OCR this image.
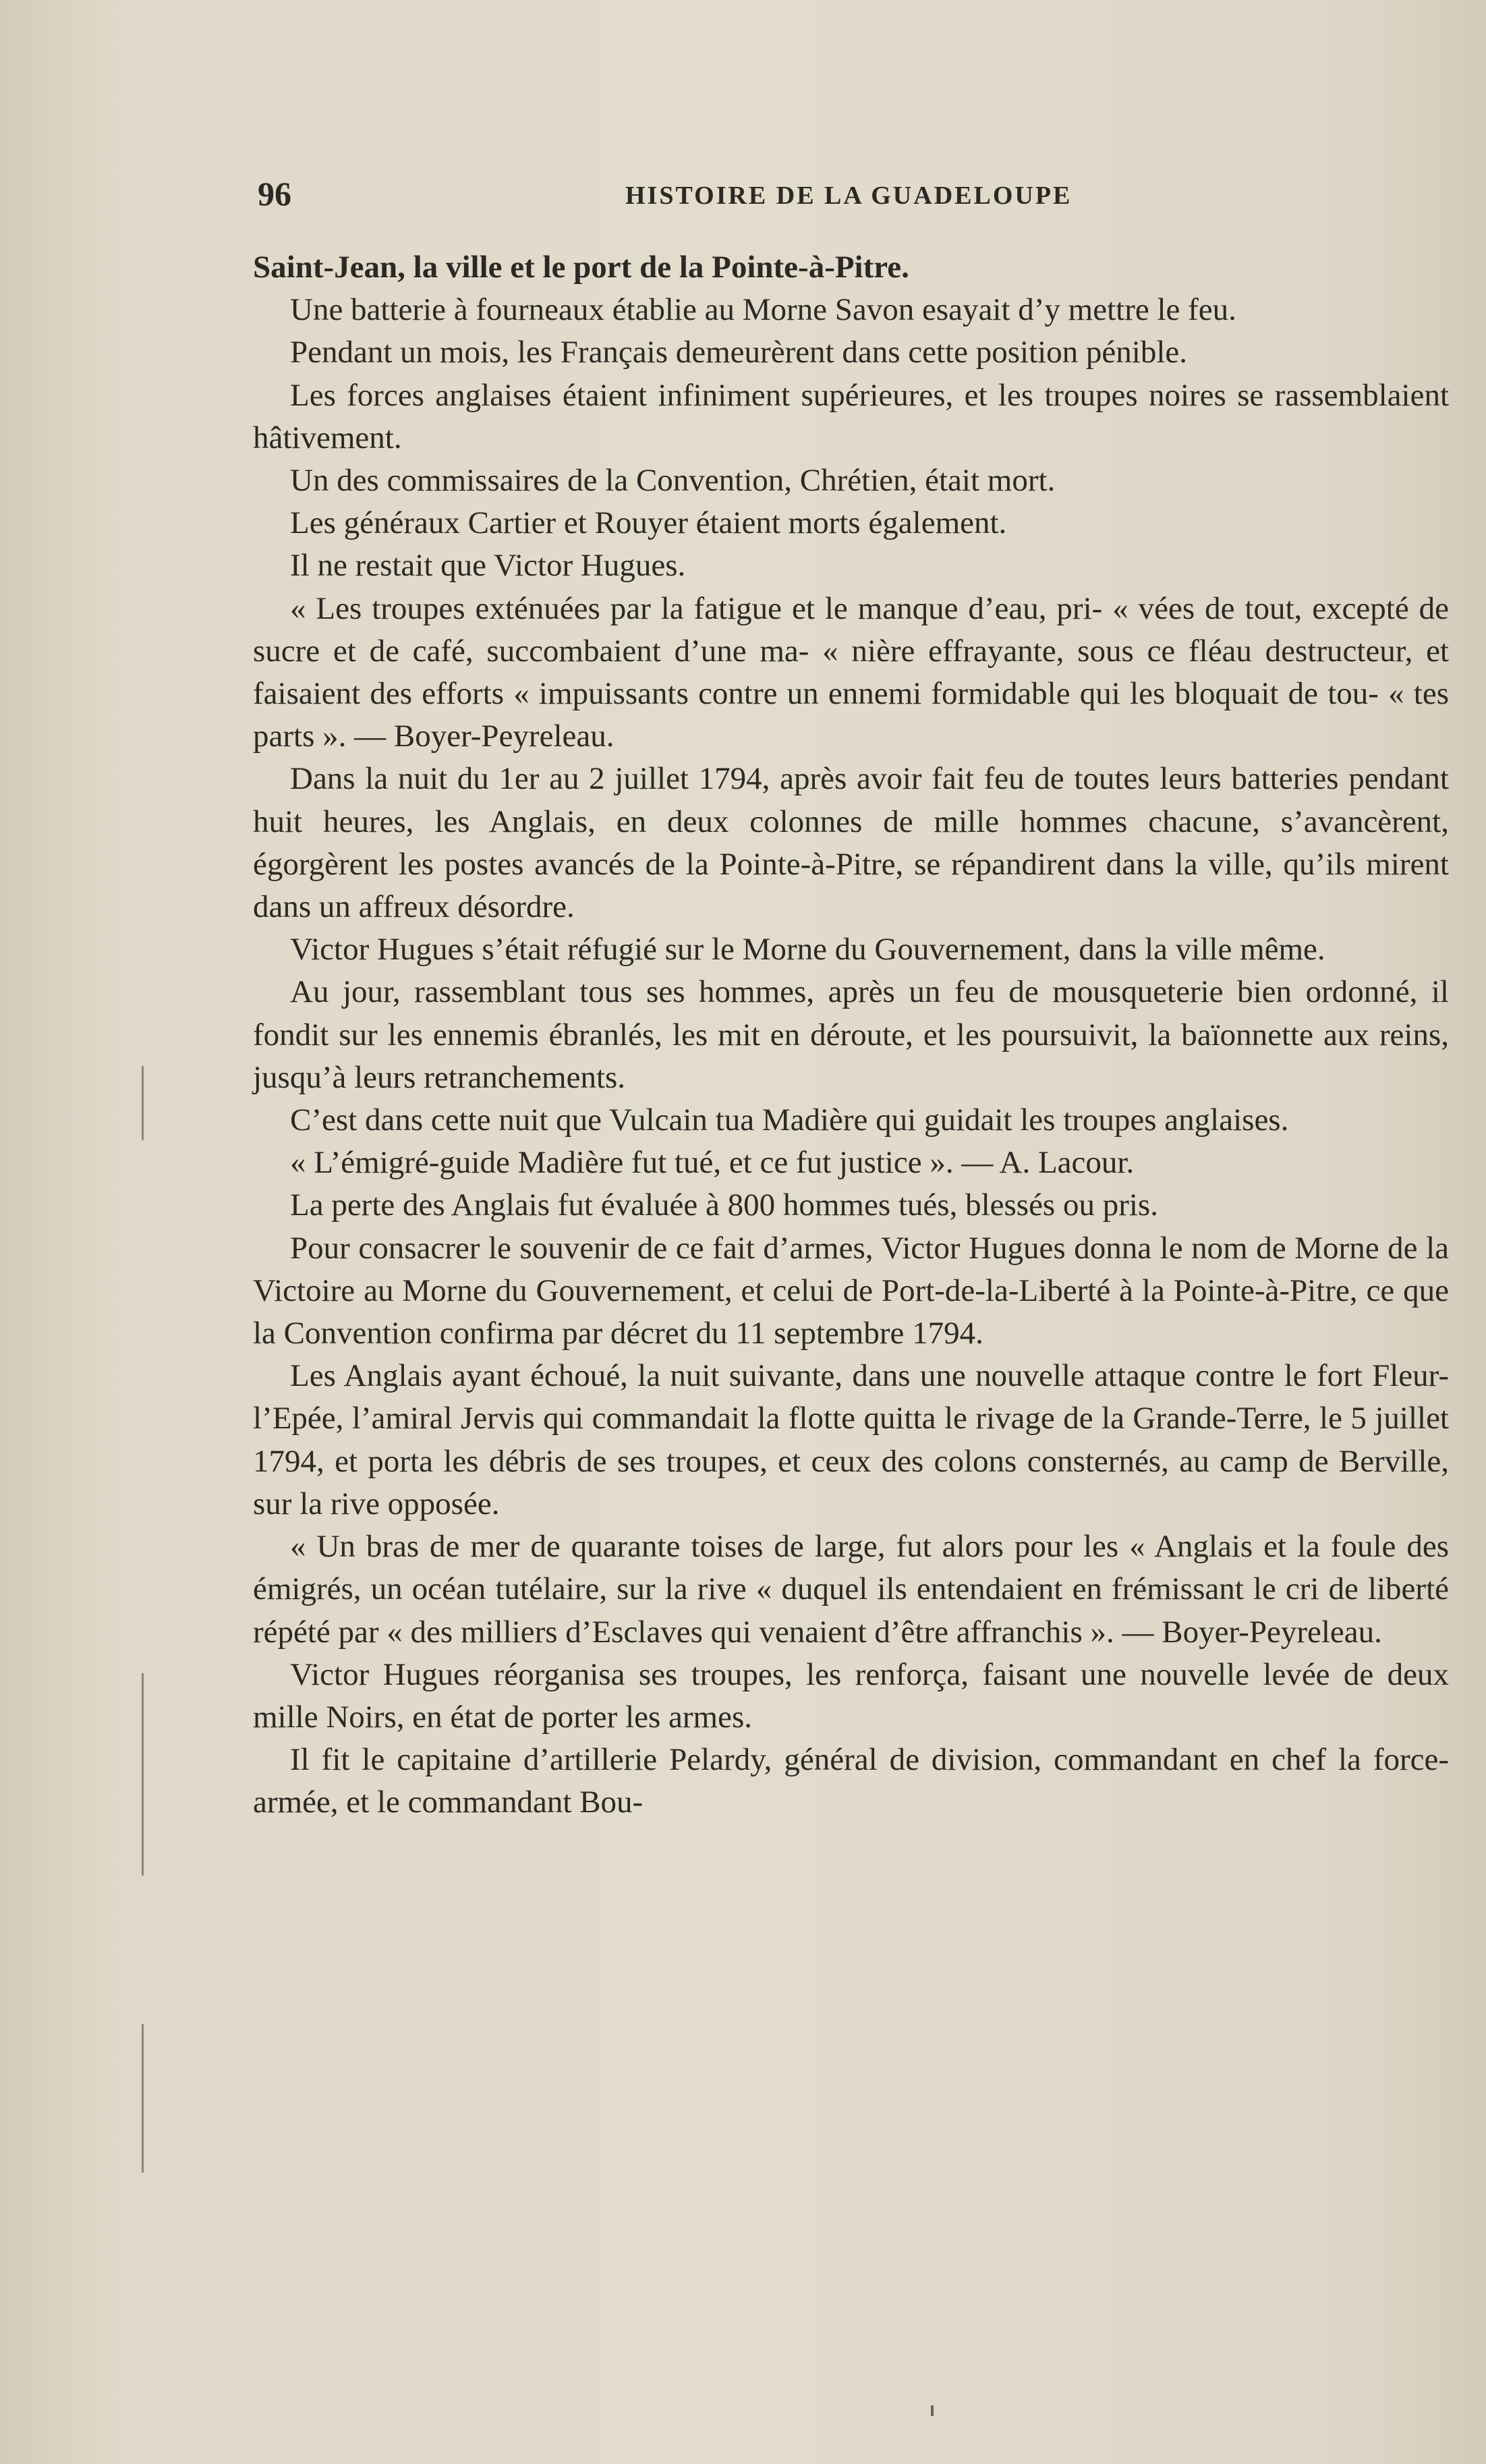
96	HISTOIRE DE LA GUADELOUPE

Saint-Jean, la ville et le port de la Pointe-à-Pitre.

Une batterie à fourneaux établie au Morne Savon esayait d’y mettre le feu.

Pendant un mois, les Français demeurèrent dans cette position pénible.

Les forces anglaises étaient infiniment supérieures, et les troupes noires se rassemblaient hâtivement.

Un des commissaires de la Convention, Chrétien, était mort.

Les généraux Cartier et Rouyer étaient morts également.

Il ne restait que Victor Hugues.

« Les troupes exténuées par la fatigue et le manque d’eau, pri- « vées de tout, excepté de sucre et de café, succombaient d’une ma- « nière effrayante, sous ce fléau destructeur, et faisaient des efforts « impuissants contre un ennemi formidable qui les bloquait de tou- « tes parts ». — Boyer-Peyreleau.

Dans la nuit du 1er au 2 juillet 1794, après avoir fait feu de toutes leurs batteries pendant huit heures, les Anglais, en deux colonnes de mille hommes chacune, s’avancèrent, égorgèrent les postes avancés de la Pointe-à-Pitre, se répandirent dans la ville, qu’ils mirent dans un affreux désordre.

Victor Hugues s’était réfugié sur le Morne du Gouvernement, dans la ville même.

Au jour, rassemblant tous ses hommes, après un feu de mousqueterie bien ordonné, il fondit sur les ennemis ébranlés, les mit en déroute, et les poursuivit, la baïonnette aux reins, jusqu’à leurs retranchements.

C’est dans cette nuit que Vulcain tua Madière qui guidait les troupes anglaises.

« L’émigré-guide Madière fut tué, et ce fut justice ». — A. Lacour.

La perte des Anglais fut évaluée à 800 hommes tués, blessés ou pris.

Pour consacrer le souvenir de ce fait d’armes, Victor Hugues donna le nom de Morne de la Victoire au Morne du Gouvernement, et celui de Port-de-la-Liberté à la Pointe-à-Pitre, ce que la Convention confirma par décret du 11 septembre 1794.

Les Anglais ayant échoué, la nuit suivante, dans une nouvelle attaque contre le fort Fleur-l’Epée, l’amiral Jervis qui commandait la flotte quitta le rivage de la Grande-Terre, le 5 juillet 1794, et porta les débris de ses troupes, et ceux des colons consternés, au camp de Berville, sur la rive opposée.

« Un bras de mer de quarante toises de large, fut alors pour les « Anglais et la foule des émigrés, un océan tutélaire, sur la rive « duquel ils entendaient en frémissant le cri de liberté répété par « des milliers d’Esclaves qui venaient d’être affranchis ». — Boyer-Peyreleau.

Victor Hugues réorganisa ses troupes, les renforça, faisant une nouvelle levée de deux mille Noirs, en état de porter les armes.

Il fit le capitaine d’artillerie Pelardy, général de division, commandant en chef la force-armée, et le commandant Bou-
